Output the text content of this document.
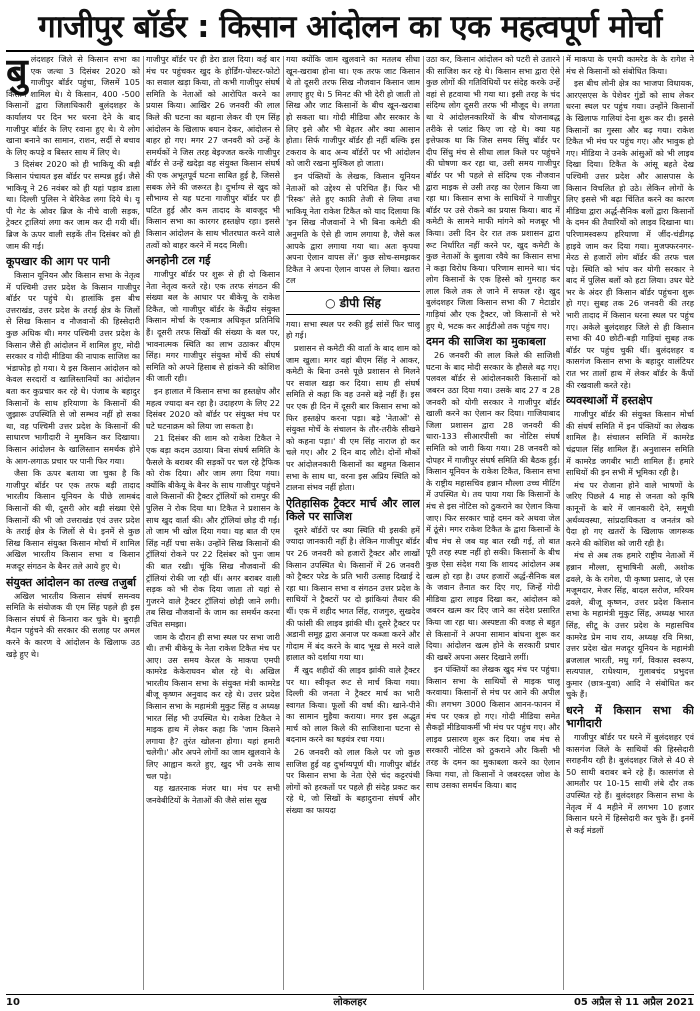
गाजीपुर बॉर्डर : किसान आंदोलन का एक महत्वपूर्ण मोर्चा

बुलंदशहर जिले से किसान सभा का एक जत्था 3 दिसंबर 2020 को गाजीपुर बॉर्डर पहुंचा, जिसमें 105 किसान शामिल थे। ये किसान, 400 -500 किसानों द्वारा जिलाधिकारी बुलंदशहर के कार्यालय पर दिन भर धरना देने के बाद गाजीपुर बॉर्डर के लिए रवाना हुए थे। ये लोग खाना बनाने का सामान, राशन, सर्दी से बचाव के लिए कपड़े व बिस्तर साथ में लिए थे।

3 दिसंबर 2020 को ही भाकियू की बड़ी किसान पंचायत इस बॉर्डर पर सम्पन्न हुई। जैसे भाकियू ने 26 नवंबर को ही यहां पड़ाव डाला था। दिल्ली पुलिस ने बेरिकेड लगा दिये थे। यू पी गेट के ओवर ब्रिज के नीचे वाली सड़क, ट्रेक्टर ट्रालियां लगा कर जाम कर दी गयी थीं। ब्रिज के ऊपर वाली सड़कें तीन दिसंबर को ही जाम की गई।

कूपखार की आग पर पानी

किसान यूनियन और किसान सभा के नेतृत्व में पश्चिमी उत्तर प्रदेश के किसान गाजीपुर बॉर्डर पर पहुंचे थे। हालांकि इस बीच उत्तराखंड, उत्तर प्रदेश के तराई क्षेत्र के जिलों से सिख किसान व नौजवानों की हिस्सेदारी कुछ अधिक थी। मगर पश्चिमी उत्तर प्रदेश के किसान जैसे ही आंदोलन में शामिल हुए, मोदी सरकार व गोदी मीडिया की नापाक साजिश का भंडाफोड़ हो गया। ये इस किसान आंदोलन को केवल सरदारों व खालिस्तानियों का आंदोलन बता कर कुप्रचार कर रहे थे। पंजाब के बहादुर किसानों के साथ हरियाणा के किसानों की जुझारू उपस्थिति से जो सम्भव नहीं हो सका था, वह पश्चिमी उत्तर प्रदेश के किसानों की साधारण भागीदारी ने मुमकिन कर दिखाया। किसान आंदोलन के खालिस्तान समर्थक होने के आग-लगाऊ प्रचार पर पानी फिर गया।

जैसा कि ऊपर बताया जा चुका है कि गाजीपुर बॉर्डर पर एक तरफ बड़ी तादाद भारतीय किसान यूनियन के पीछे लामबंद किसानों की थी, दूसरी ओर बड़ी संख्या ऐसे किसानों की भी जो उत्तराखंड एवं उत्तर प्रदेश के तराई क्षेत्र के जिलों से थे। इनमें से कुछ सिख किसान संयुक्त किसान मोर्चा में शामिल अखिल भारतीय किसान सभा व किसान मजदूर संगठन के बैनर तले आये हुए थे।

संयुक्त आंदोलन का तल्ख तजुर्बा

अखिल भारतीय किसान संघर्ष समन्वय समिति के संयोजक वी एम सिंह पहले ही इस किसान संघर्ष से किनारा कर चुके थे। बुराड़ी मैदान पहुंचने की सरकार की सलाह पर अमल करने के कारण वे आंदोलन के खिलाफ उठ खड़े हुए थे।

गाजीपुर बॉर्डर पर ही डेरा डाल दिया। कई बार मंच पर पहुंचकर खुद के होर्डिंग-पोस्टर-फोटो का सवाल खड़ा किया, तो कभी गाजीपुर संघर्ष समिति के नेताओं को आरोपित करने का प्रयास किया। आखिर 26 जनवरी की लाल किले की घटना का बहाना लेकर वी एम सिंह आंदोलन के खिलाफ बयान देकर, आंदोलन से बाहर हो गए। मगर 27 जनवरी को उन्हें के समर्थकों ने जिस तरह बेइज्जत करके गाजीपुर बॉर्डर से उन्हें खदेड़ा वह संयुक्त किसान संघर्ष की एक अभूतपूर्व घटना साबित हुई है, जिससे सबक लेने की जरूरत है। दुर्भाग्य से खुद को सौभाग्य से यह घटना गाजीपुर बॉर्डर पर ही घटित हुई और कम तादाद के बावजूद भी किसान सभा का कारगर हस्तक्षेप रहा। इससे किसान आंदोलन के साथ भीतरघात करने वाले तत्वों को बाहर करने में मदद मिली।

अनहोनी टल गई

गाजीपुर बॉर्डर पर शुरू से ही दो किसान नेता नेतृत्व करते रहे। एक तरफ संगठन की संख्या बल के आधार पर बीकेयू के राकेश टिकैत, जो गाजीपुर बॉर्डर के केंद्रीय संयुक्त किसान मोर्चा के एकमात्र अधिकृत प्रतिनिधि हैं। दूसरी तरफ सिखों की संख्या के बल पर, भावनात्मक स्थिति का लाभ उठाकर बीएम सिंह। मगर गाजीपुर संयुक्त मोर्चे की संघर्ष समिति को अपने हिसाब से हांकने की कोशिश की जाती रही।

इन हालात में किसान सभा का हस्तक्षेप और महत्व ज्यादा बन रहा है। उदाहरण के लिए 22 दिसंबर 2020 को बॉर्डर पर संयुक्त मंच पर घटे घटनाक्रम को लिया जा सकता है।

21 दिसंबर की शाम को राकेश टिकैत ने एक बड़ा कदम उठाया। बिना संघर्ष समिति के फैसले के बराबर की सड़कों पर चल रहे ट्रैफिक को रोक दिया। और जाम लगा दिया गया। क्योंकि बीकेयू के बैनर के साथ गाजीपुर पहुंचने वाले किसानों की ट्रैक्टर ट्रॉलियों को रामपुर की पुलिस ने रोक दिया था। टिकैत ने प्रशासन के साथ खुद वार्ता की। और ट्रॉलियां छोड़ दी गई। तो जाम भी खोल दिया गया। यह बात वी एम सिंह नहीं पचा सके। उन्होंने सिख किसानों की ट्रॉलियां रोकने पर 22 दिसंबर को पुनः जाम की बात रखी। चूंकि सिख नौजवानों की ट्रॉलियां रोकी जा रही थीं। अगर बराबर वाली सड़क को भी रोक दिया जाता तो यहां से गुजरने वाले ट्रैक्टर ट्रॉलियां छोड़ी जाने लगी। तब सिख नौजवानों के जाम का समर्थन करना उचित समझा।

जाम के दौरान ही सभा स्थल पर सभा जारी थी। तभी बीकेयू के नेता राकेश टिकैत मंच पर आए। उस समय केरल के माकपा एमपी कामरेड केकेराघवन बोल रहे थे। अखिल भारतीय किसान सभा के संयुक्त मंत्री कामरेड बीजू कृष्णन अनुवाद कर रहे थे। उत्तर प्रदेश किसान सभा के महामंत्री मुकुट सिंह व अध्यक्ष भारत सिंह भी उपस्थित थे। राकेश टिकैत ने माइक हाथ में लेकर कहा कि 'जाम किसने लगाया है? तुरंत खोलना होगा। यहां हमारी चलेगी।' और अपने लोगों का जाम खुलवाने के लिए आह्वान करते हुए, खुद भी उनके साथ चल पड़े।

यह खतरनाक मंजर था। मंच पर सभी जनवेबीटियों के नेताओं की जैसे सांस सूख

गया क्योंकि जाम खुलवाने का मतलब सीधा खून-खराबा होना था। एक तरफ जाट किसान थे तो दूसरी तरफ सिख नौजवान किसान जाम लगाए हुए थे। 5 मिनट की भी देरी हो जाती तो सिख और जाट किसानों के बीच खून-खराबा हो सकता था। गोदी मीडिया और सरकार के लिए इसे और भी बेहतर और क्या आसान होता। सिर्फ गाजीपुर बॉर्डर ही नहीं बल्कि इस टकराव के बाद अन्य बॉर्डरों पर भी आंदोलन को जारी रखना मुश्किल हो जाता।

इन पंक्तियों के लेखक, किसान यूनियन नेताओं को उद्देश्य से परिचित हैं। फिर भी 'रिस्क' लेते हुए काफ़ी तेजी से लिया तथा भाकियू नेता राकेश टिकैत को याद दिलाया कि 'इन सिख नौजवानों ने भी बिना कमेटी की अनुमति के ऐसे ही जाम लगाया है, जैसे कल आपके द्वारा लगाया गया था। अतः कृपया अपना ऐलान वापस लें।' कुछ सोच-समझकर टिकैत ने अपना ऐलान वापस ले लिया। खतरा टल

○ डीपी सिंह

गया। सभा स्थल पर रुकी हुई सांसें फिर चालू हो गई।

प्रशासन से कमेटी की वार्ता के बाद शाम को जाम खुला। मगर वहां बीएम सिंह ने आकर, कमेटी के बिना उनसे पूछे प्रशासन से मिलने पर सवाल खड़ा कर दिया। साथ ही संघर्ष समिति से कहा कि वह उनसे बड़े नहीं हैं। इस पर एक ही दिन में दूसरी बार किसान सभा को फिर हस्तक्षेप करना पड़ा। बड़े 'नेताओं' से संयुक्त मोर्चे के संचालन के तौर-तरीके सीखने को कहना पड़ा।' वी एम सिंह नाराज हो कर चले गए। और 2 दिन बाद लौटे। दोनों मौकों पर आंदोलनकारी किसानों का बहुमत किसान सभा के साथ था, वरना इस अप्रिय स्थिति को टालना संभव नहीं होता।

ऐतिहासिक ट्रैक्टर मार्च और लाल किले पर साजिश

दूसरे बॉर्डरों पर क्या स्थिति थी इसकी हमें ज्यादा जानकारी नहीं है। लेकिन गाजीपुर बॉर्डर पर 26 जनवरी को हजारों ट्रैक्टर और लाखों किसान उपस्थित थे। किसानों में 26 जनवरी को ट्रैक्टर परेड के प्रति भारी उत्साह दिखाई दे रहा था। किसान सभा व संगठन उत्तर प्रदेश के साथियों ने ट्रैक्टरों पर दो झांकियां तैयार की थीं। एक में शहीद भगत सिंह, राजगुरु, सुखदेव की फांसी की लाइव झांकी थी। दूसरे ट्रैक्टर पर अडानी समूह द्वारा अनाज पर कब्जा करने और गोदाम में बंद करने के बाद भूख से मरने वाले हालात को दर्शाया गया था।

मैं खुद शहीदों की लाइव झांकी वाले ट्रैक्टर पर था। स्वीकृत रूट से मार्च किया गया। दिल्ली की जनता ने ट्रैक्टर मार्च का भारी स्वागत किया। फूलों की वर्षा की। खाने-पीने का सामान मुहैया कराया। मगर इस अद्भुत मार्च को लाल किले की साजिशाना घटना से बदनाम करने का षड़यंत्र रचा गया।

26 जनवरी को लाल किले पर जो कुछ साजिश हुई वह दुर्भाग्यपूर्ण थी। गाजीपुर बॉर्डर पर किसान सभा के नेता ऐसे चंद कट्टरपंथी लोगों को हरकतों पर पहले ही संदेह प्रकट कर रहे थे, जो सिखों के बहादुराना संघर्ष और संख्या का फायदा

उठा कर, किसान आंदोलन को पटरी से उतारने की साजिश कर रहे थे। किसान सभा द्वारा ऐसे कुछ लोगों की गतिविधियों पर संदेह करके उन्हें वहां से हटवाया भी गया था। इसी तरह के चंद संदिग्ध लोग दूसरी तरफ भी मौजूद थे। लगता था ये आंदोलनकारियों के बीच योजनाबद्ध तरीके से प्लांट किए जा रहे थे। क्या यह इत्तेफाक था कि जिस समय सिंघु बॉर्डर पर दीप सिंधु मंच से सीधा लाल किले पर पहुंचने की घोषणा कर रहा था, उसी समय गाजीपुर बॉर्डर पर भी पहले से संदिग्ध एक नौजवान द्वारा माइक से उसी तरह का ऐलान किया जा रहा था। किसान सभा के साथियों ने गाजीपुर बॉर्डर पर उसे रोकने का प्रयास किया। बाद में कमेटी के सामने माफी मांगने को मजबूर भी किया। उसी दिन देर रात तक प्रशासन द्वारा रूट निर्धारित नहीं करने पर, खुद कमेटी के कुछ नेताओं के बुलावा रवैये का किसान सभा ने कड़ा विरोध किया। परिणाम सामने था। चंद लोग किसानों के एक हिस्से को गुमराह कर लाल किले तक ले जाने में सफल रहे। खुद बुलंदशहर जिला किसान सभा की 7 मेटाडोर गाड़ियां और एक ट्रैक्टर, जो किसानों से भरे हुए थे, भटक कर आईटीओ तक पहुंच गए।

दमन की साजिश का मुकाबला

26 जनवरी की लाल किले की साजिशी घटना के बाद मोदी सरकार के हौसले बढ़ गए। पलवल बॉर्डर से आंदोलनकारी किसानों को जबरन उठा दिया गया। उसके बाद 27 व 28 जनवरी को योगी सरकार ने गाजीपुर बॉर्डर खाली करने का ऐलान कर दिया। गाजियाबाद जिला प्रशासन द्वारा 28 जनवरी की धारा-133 सीआरपीसी का नोटिस संघर्ष समिति को जारी किया गया। 28 जनवरी को दोपहर में गाजीपुर संघर्ष समिति की बैठक हुई। किसान यूनियन के राकेश टिकैत, किसान सभा के राष्ट्रीय महासचिव हन्नान मौल्ला उच्च मीटिंग में उपस्थित थे। तय पाया गया कि किसानों के मंच से इस नोटिस को ठुकराने का ऐलान किया जाए। फिर सरकार चाहे दमन करे अथवा जेल में ठूंसे। मगर राकेश टिकैत के द्वारा किसानों के बीच मंच से जब यह बात रखी गई, तो बात पूरी तरह स्पष्ट नहीं हो सकी। किसानों के बीच कुछ ऐसा संदेश गया कि शायद आंदोलन अब खत्म हो रहा है। उधर हजारों अर्द्ध-सैनिक बल के जवान तैनात कर दिए गए, जिन्हें गोदी मीडिया द्वारा लाइव दिखा कर, आंदोलन को जबरन खत्म कर दिए जाने का संदेश प्रसारित किया जा रहा था। अस्पष्टता की वजह से बहुत से किसानों ने अपना सामान बांधना शुरू कर दिया। आंदोलन खत्म होने के सरकारी प्रचार की खबरें अपना असर दिखाने लगीं।

इन पंक्तियों का लेखक खुद मंच पर पहुंचा। किसान सभा के साथियों से माइक चालू करवाया। किसानों से मंच पर आने की अपील की। लगभग 3000 किसान आनन-फानन में मंच पर एकत्र हो गए। गोदी मीडिया समेत सैकड़ों मीडियाकर्मी भी मंच पर पहुंच गए। और लाइव प्रसारण शुरू कर दिया। जब मंच से सरकारी नोटिस को ठुकराने और किसी भी तरह के दमन का मुकाबला करने का ऐलान किया गया, तो किसानों ने जबरदस्त जोश के साथ उसका समर्थन किया। बाद

में माकपा के एमपी कामरेड के के रागेश ने मंच से किसानों को संबोधित किया।

इस बीच लोनी क्षेत्र का भाजपा विधायक, आरएसएस के पेशेवर गुंडों को साथ लेकर धरना स्थल पर पहुंच गया। उन्होंने किसानों के खिलाफ गालियां देना शुरू कर दी। इससे किसानों का गुस्सा और बढ़ गया। राकेश टिकैत भी मंच पर पहुंच गए। और भावुक हो गए। मीडिया ने उनके आंसुओं को भी लाइव दिखा दिया। टिकैत के आंसू बहते देख पश्चिमी उत्तर प्रदेश और आसपास के किसान विचलित हो उठे। लेकिन लोगों के लिए इससे भी बढ़ा चिंतित करने का कारण मीडिया द्वारा अर्द्ध-सैनिक बलों द्वारा किसानों के दमन की तैयारियों को लाइव दिखाना था। परिणामस्वरूप हरियाणा में जींद-चंडीगढ़ हाइवे जाम कर दिया गया। मुजफ्फरनगर-मेरठ से हजारों लोग बॉर्डर की तरफ चल पड़े। स्थिति को भांप कर योगी सरकार ने बाद में पुलिस बलों को हटा लिया। उधर घेटे भर के अंदर ही किसान बॉर्डर पहुंचना शुरू हो गए। सुबह तक 26 जनवरी की तरह भारी तादाद में किसान धरना स्थल पर पहुंच गए। अकेले बुलंदशहर जिले से ही किसान सभा की 40 छोटी-बड़ी गाड़ियां सुबह तक बॉर्डर पर पहुंच चुकी थीं। बुलंदशहर व कासगंज किसान सभा के बहादुर वालंटियर रात भर तालों हाथ में लेकर बॉर्डर के कैंपों की रखवाली करते रहे।

व्यवस्थाओं में हस्तक्षेप

गाजीपुर बॉर्डर की संयुक्त किसान मोर्चा की संघर्ष समिति में इन पंक्तियों का लेखक शामिल है। संचालन समिति में कामरेड चंद्रपाल सिंह शामिल हैं। अनुशासन समिति में कामरेड जगबीर भाटी शामिल हैं। हमारे साथियों की इन सभी में भूमिका रही है।

मंच पर रोजाना होने वाले भाषणों के जरिए पिछले 4 माह से जनता को कृषि कानूनों के बारे में जानकारी देने, समूची अर्थव्यवस्था, सांप्रदायिकता व जनतंत्र को पैदा हो गए खतरों के खिलाफ जागरूक करने की कोशिश को जारी रही है।

मंच से अब तक हमारे राष्ट्रीय नेताओं में हन्नान मौल्ला, सुभाषिनी अली, अशोक ढवले, के के रागेश, पी कृष्णा प्रसाद, जे एस मजूमदार, मेजर सिंह, बादल सरोज, मरियम ढवले, बीजू कृष्णन, उत्तर प्रदेश किसान सभा के महामंत्री मुकुट सिंह, अध्यक्ष भारत सिंह, सीटू के उत्तर प्रदेश के महासचिव कामरेड प्रेम नाथ राय, अध्यक्ष रवि मिश्रा, उत्तर प्रदेश खेत मजदूर यूनियन के महामंत्री ब्रजलाल भारती, मधु गर्ग, विकास स्वरूप, सत्यपाल, राधेश्याम, गुलाबचंद प्रभुदत्त कुमार (छात्र-युवा) आदि ने संबोधित कर चुके हैं।

धरने में किसान सभा की भागीदारी

गाजीपुर बॉर्डर पर धरने में बुलंदशहर एवं कासगंज जिले के साथियों की हिस्सेदारी सराहनीय रही है। बुलंदशहर जिले से 40 से 50 साथी बराबर बने रहे हैं। कासगंज से आमतौर पर 10-15 साथी लंबे दौर तक उपस्थित रहे हैं। बुलंदशहर किसान सभा के नेतृत्व में 4 महीने में लगभग 10 हजार किसान धरने में हिस्सेदारी कर चुके हैं। इनमें से कई मंडलों

10	लोकलहर	05 अप्रैल से 11 अप्रैल 2021
